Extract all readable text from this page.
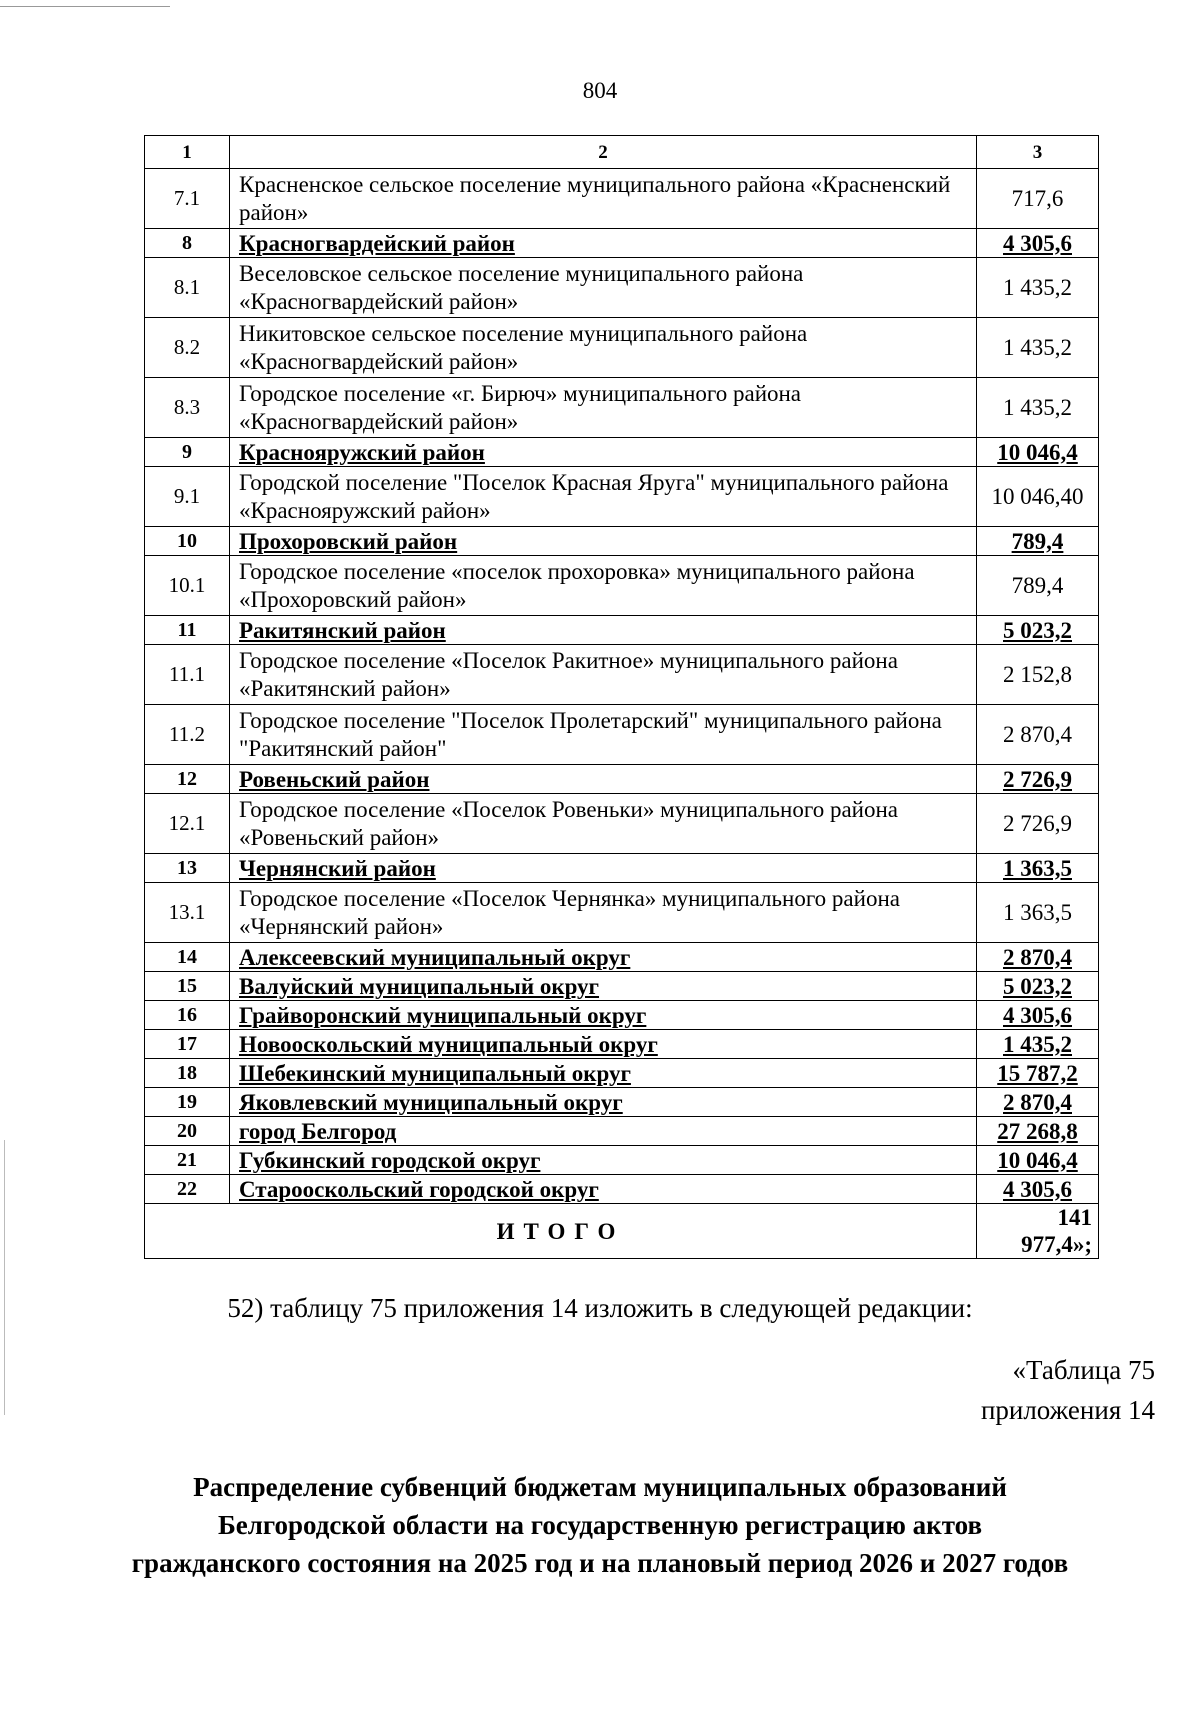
804
1	2	3
7.1	Красненское сельское поселение муниципального района «Красненский район»	717,6
8	Красногвардейский район	4 305,6
8.1	Веселовское сельское поселение муниципального района «Красногвардейский район»	1 435,2
8.2	Никитовское сельское поселение муниципального района «Красногвардейский район»	1 435,2
8.3	Городское поселение «г. Бирюч» муниципального района «Красногвардейский район»	1 435,2
9	Краснояружский район	10 046,4
9.1	Городской поселение "Поселок Красная Яруга" муниципального района «Краснояружский район»	10 046,40
10	Прохоровский район	789,4
10.1	Городское поселение «поселок прохоровка» муниципального района «Прохоровский район»	789,4
11	Ракитянский район	5 023,2
11.1	Городское поселение «Поселок Ракитное» муниципального района «Ракитянский район»	2 152,8
11.2	Городское поселение "Поселок Пролетарский" муниципального района "Ракитянский район"	2 870,4
12	Ровеньский район	2 726,9
12.1	Городское поселение «Поселок Ровеньки» муниципального района «Ровеньский район»	2 726,9
13	Чернянский район	1 363,5
13.1	Городское поселение «Поселок Чернянка» муниципального района «Чернянский район»	1 363,5
14	Алексеевский муниципальный округ	2 870,4
15	Валуйский муниципальный округ	5 023,2
16	Грайворонский муниципальный округ	4 305,6
17	Новооскольский муниципальный округ	1 435,2
18	Шебекинский муниципальный округ	15 787,2
19	Яковлевский муниципальный округ	2 870,4
20	город Белгород	27 268,8
21	Губкинский городской округ	10 046,4
22	Старооскольский городской округ	4 305,6
ИТОГО		141 977,4»;
52) таблицу 75 приложения 14 изложить в следующей редакции:
«Таблица 75
приложения 14
Распределение субвенций бюджетам муниципальных образований
Белгородской области на государственную регистрацию актов
гражданского состояния на 2025 год и на плановый период 2026 и 2027 годов
